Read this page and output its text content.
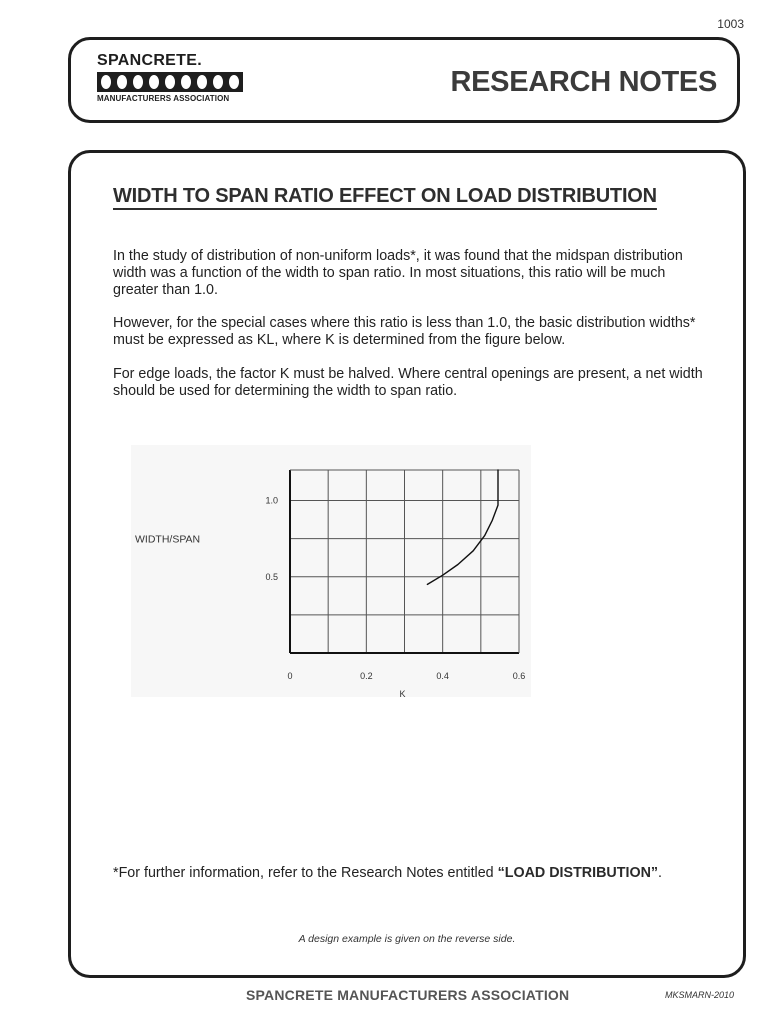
1003
SPANCRETE.
MANUFACTURERS ASSOCIATION
RESEARCH NOTES
WIDTH TO SPAN RATIO EFFECT ON LOAD DISTRIBUTION

In the study of distribution of non-uniform loads*, it was found that the midspan distribution width was a function of the width to span ratio. In most situations, this ratio will be much greater than 1.0.

However, for the special cases where this ratio is less than 1.0, the basic distribution widths* must be expressed as KL, where K is determined from the figure below.

For edge loads, the factor K must be halved. Where central openings are present, a net width should be used for determining the width to span ratio.

0	0.2	0.4	0.6
0.5
1.0
K
WIDTH/SPAN
*For further information, refer to the Research Notes entitled “LOAD DISTRIBUTION”.
A design example is given on the reverse side.
SPANCRETE MANUFACTURERS ASSOCIATION	MKSMARN-2010
